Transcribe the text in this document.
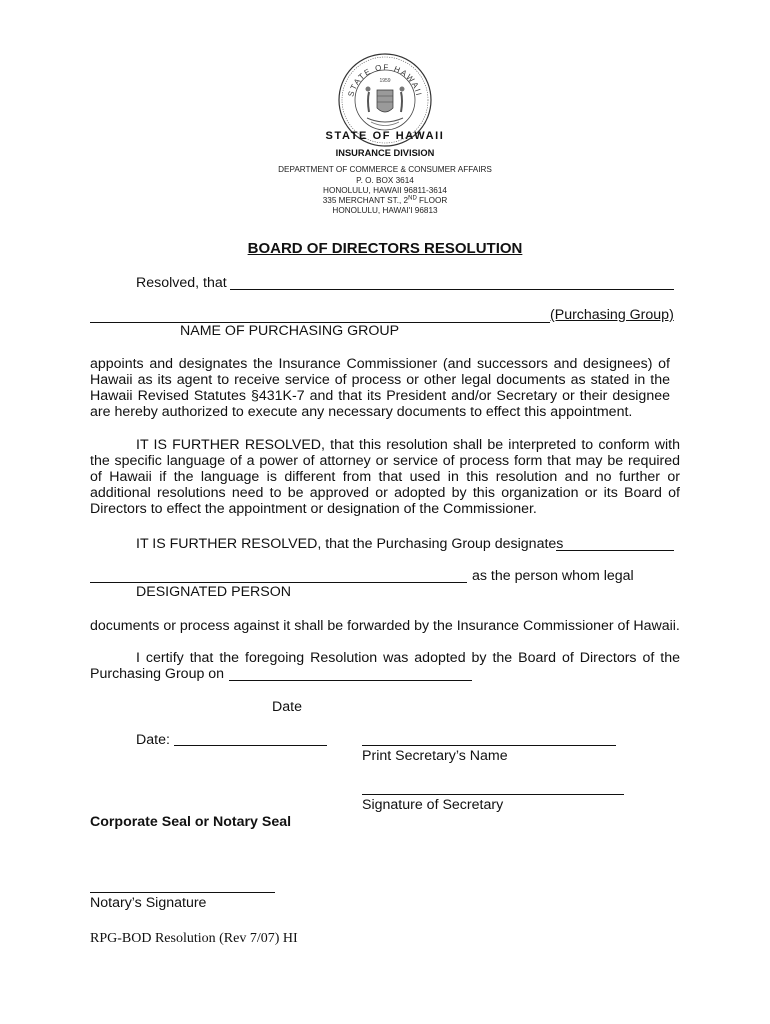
STATE OF HAWAII
1959
STATE OF HAWAII
INSURANCE DIVISION
DEPARTMENT OF COMMERCE & CONSUMER AFFAIRS
P. O. BOX 3614
HONOLULU, HAWAII 96811-3614
335 MERCHANT ST., 2ND FLOOR
HONOLULU, HAWAI'I 96813
BOARD OF DIRECTORS RESOLUTION
Resolved, that
(Purchasing Group)
NAME OF PURCHASING GROUP
appoints and designates the Insurance Commissioner (and successors and designees) of Hawaii as its agent to receive service of process or other legal documents as stated in the Hawaii Revised Statutes §431K-7 and that its President and/or Secretary or their designee are hereby authorized to execute any necessary documents to effect this appointment.
IT IS FURTHER RESOLVED, that this resolution shall be interpreted to conform with the specific language of a power of attorney or service of process form that may be required of Hawaii if the language is different from that used in this resolution and no further or additional resolutions need to be approved or adopted by this organization or its Board of Directors to effect the appointment or designation of the Commissioner.
IT IS FURTHER RESOLVED, that the Purchasing Group designates
as the person whom legal
DESIGNATED PERSON
documents or process against it shall be forwarded by the Insurance Commissioner of Hawaii.
I certify that the foregoing Resolution was adopted by the Board of Directors of the
Purchasing Group on
Date
Date:
Print Secretary’s Name
Signature of Secretary
Corporate Seal or Notary Seal
Notary’s Signature
RPG-BOD Resolution (Rev 7/07) HI
